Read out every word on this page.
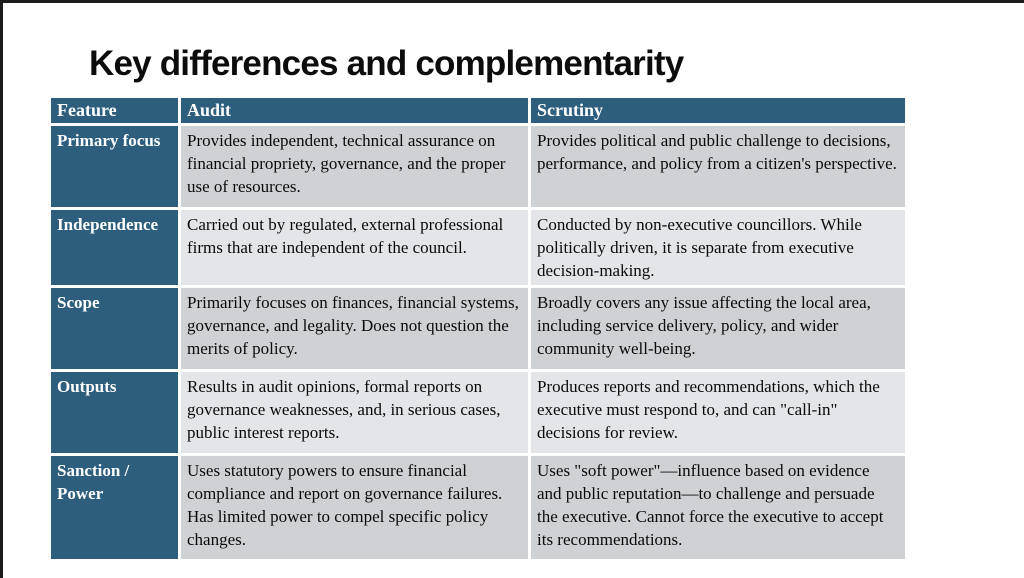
Key differences and complementarity
Feature	Audit	Scrutiny
Primary focus	Provides independent, technical assurance on financial propriety, governance, and the proper use of resources.	Provides political and public challenge to decisions, performance, and policy from a citizen's perspective.
Independence	Carried out by regulated, external professional firms that are independent of the council.	Conducted by non-executive councillors. While politically driven, it is separate from executive decision-making.
Scope	Primarily focuses on finances, financial systems, governance, and legality. Does not question the merits of policy.	Broadly covers any issue affecting the local area, including service delivery, policy, and wider community well-being.
Outputs	Results in audit opinions, formal reports on governance weaknesses, and, in serious cases, public interest reports.	Produces reports and recommendations, which the executive must respond to, and can "call-in" decisions for review.
Sanction / Power	Uses statutory powers to ensure financial compliance and report on governance failures. Has limited power to compel specific policy changes.	Uses "soft power"—influence based on evidence and public reputation—to challenge and persuade the executive. Cannot force the executive to accept its recommendations.
